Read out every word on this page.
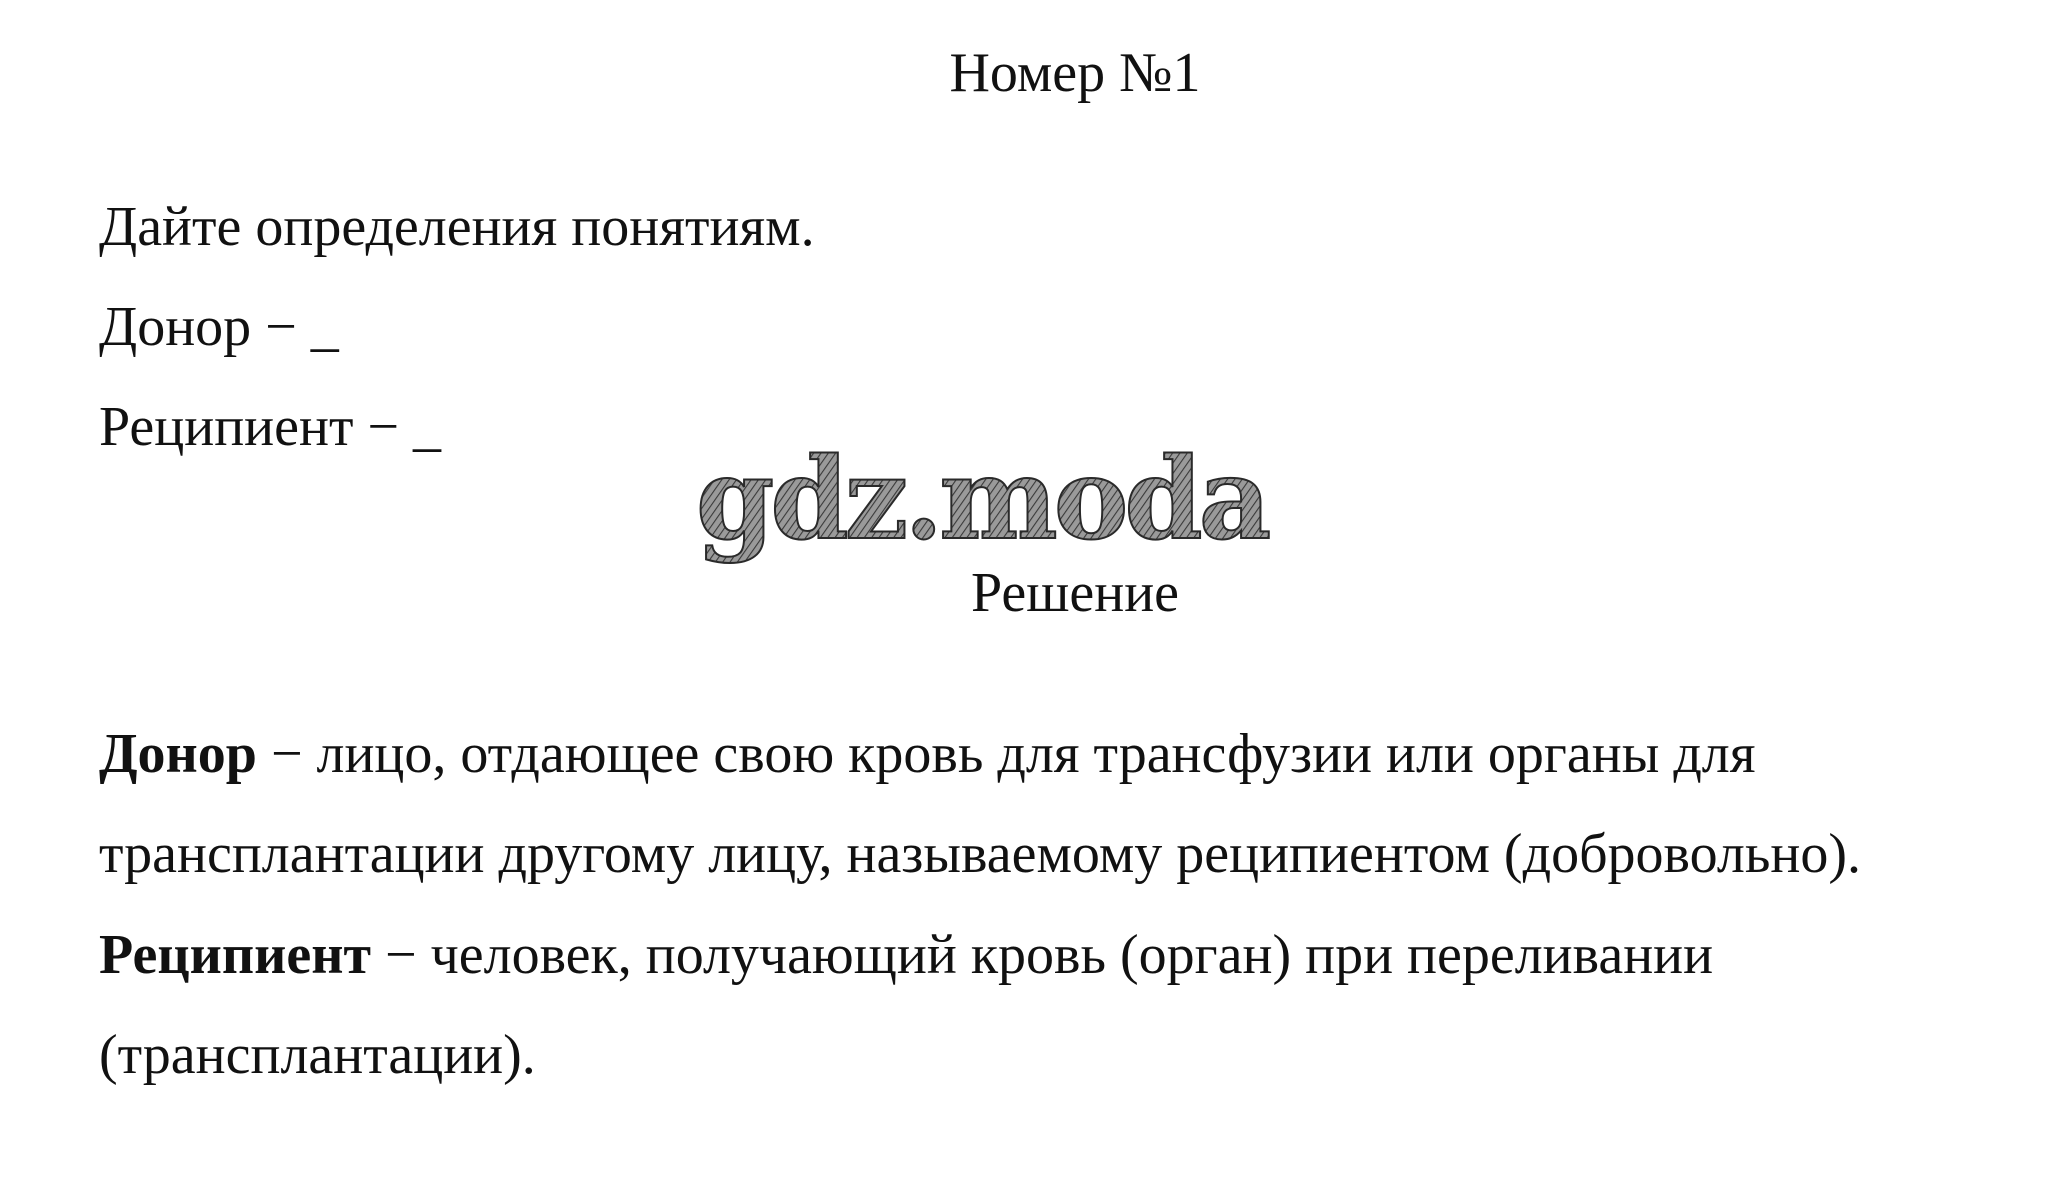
Номер №1
Дайте определения понятиям.
Донор − _
Реципиент − _
gdz.moda
Решение
Донор − лицо, отдающее свою кровь для трансфузии или органы для
трансплантации другому лицу, называемому реципиентом (добровольно).
Реципиент − человек, получающий кровь (орган) при переливании
(трансплантации).
